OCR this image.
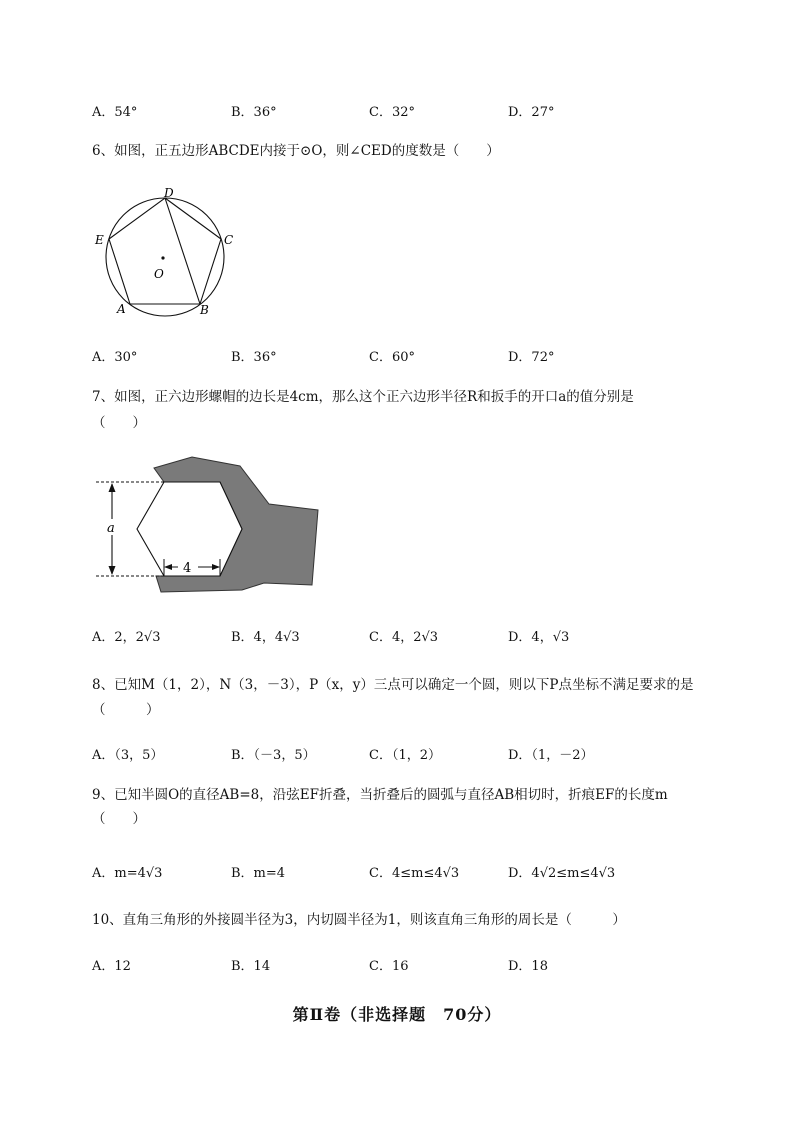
A．54°	B．36°	C．32°	D．27°
6、如图，正五边形ABCDE内接于⊙O，则∠CED的度数是（　　）
D
E	C
O
A	B
A．30°	B．36°	C．60°	D．72°
7、如图，正六边形螺帽的边长是4cm，那么这个正六边形半径R和扳手的开口a的值分别是
（　　）
a
4
A．2，2√3	B．4，4√3	C．4，2√3	D．4，√3
8、已知M（1，2），N（3，－3），P（x，y）三点可以确定一个圆，则以下P点坐标不满足要求的是
（　　　）
A．（3，5）	B．（－3，5）	C．（1，2）	D．（1，－2）
9、已知半圆O的直径AB=8，沿弦EF折叠，当折叠后的圆弧与直径AB相切时，折痕EF的长度m
（　　）
A．m=4√3	B．m=4	C．4≤m≤4√3	D．4√2≤m≤4√3
10、直角三角形的外接圆半径为3，内切圆半径为1，则该直角三角形的周长是（　　　）
A．12	B．14	C．16	D．18
第Ⅱ卷（非选择题　70分）
